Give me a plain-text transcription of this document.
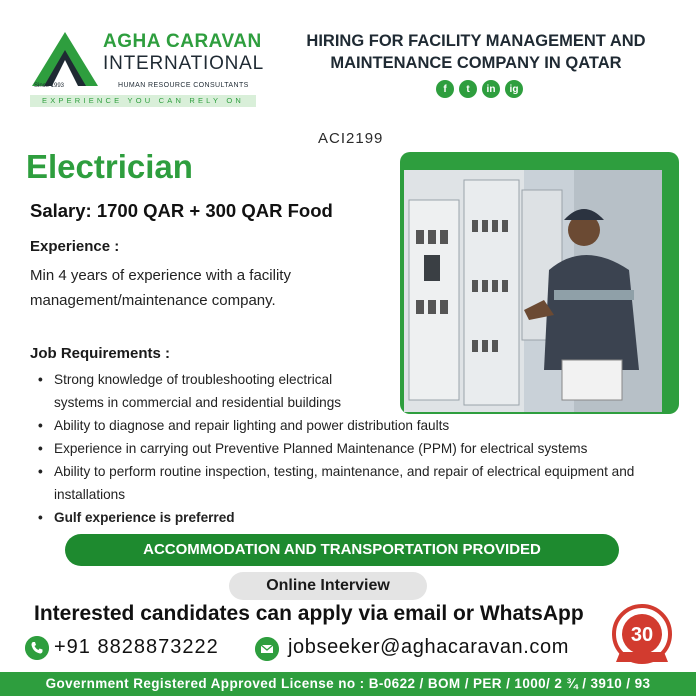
AGHA CARAVAN
INTERNATIONAL
Since 1993	HUMAN RESOURCE CONSULTANTS
EXPERIENCE YOU CAN RELY ON
HIRING FOR FACILITY MANAGEMENT AND MAINTENANCE COMPANY IN QATAR
f	t	in	ig
ACI2199
Electrician
Salary: 1700 QAR + 300 QAR Food
Experience :
Min 4 years of experience with a facility management/maintenance company.
Job Requirements :
• Strong knowledge of troubleshooting electrical systems in commercial and residential buildings
• Ability to diagnose and repair lighting and power distribution faults
• Experience in carrying out Preventive Planned Maintenance (PPM) for electrical systems
• Ability to perform routine inspection, testing, maintenance, and repair of electrical equipment and installations
• Gulf experience is preferred
ACCOMMODATION AND TRANSPORTATION PROVIDED
Online Interview
Interested candidates can apply via email or WhatsApp
+91 8828873222	jobseeker@aghacaravan.com
30
Government Registered Approved License no : B-0622 / BOM / PER / 1000/ 2 ¾ / 3910 / 93
